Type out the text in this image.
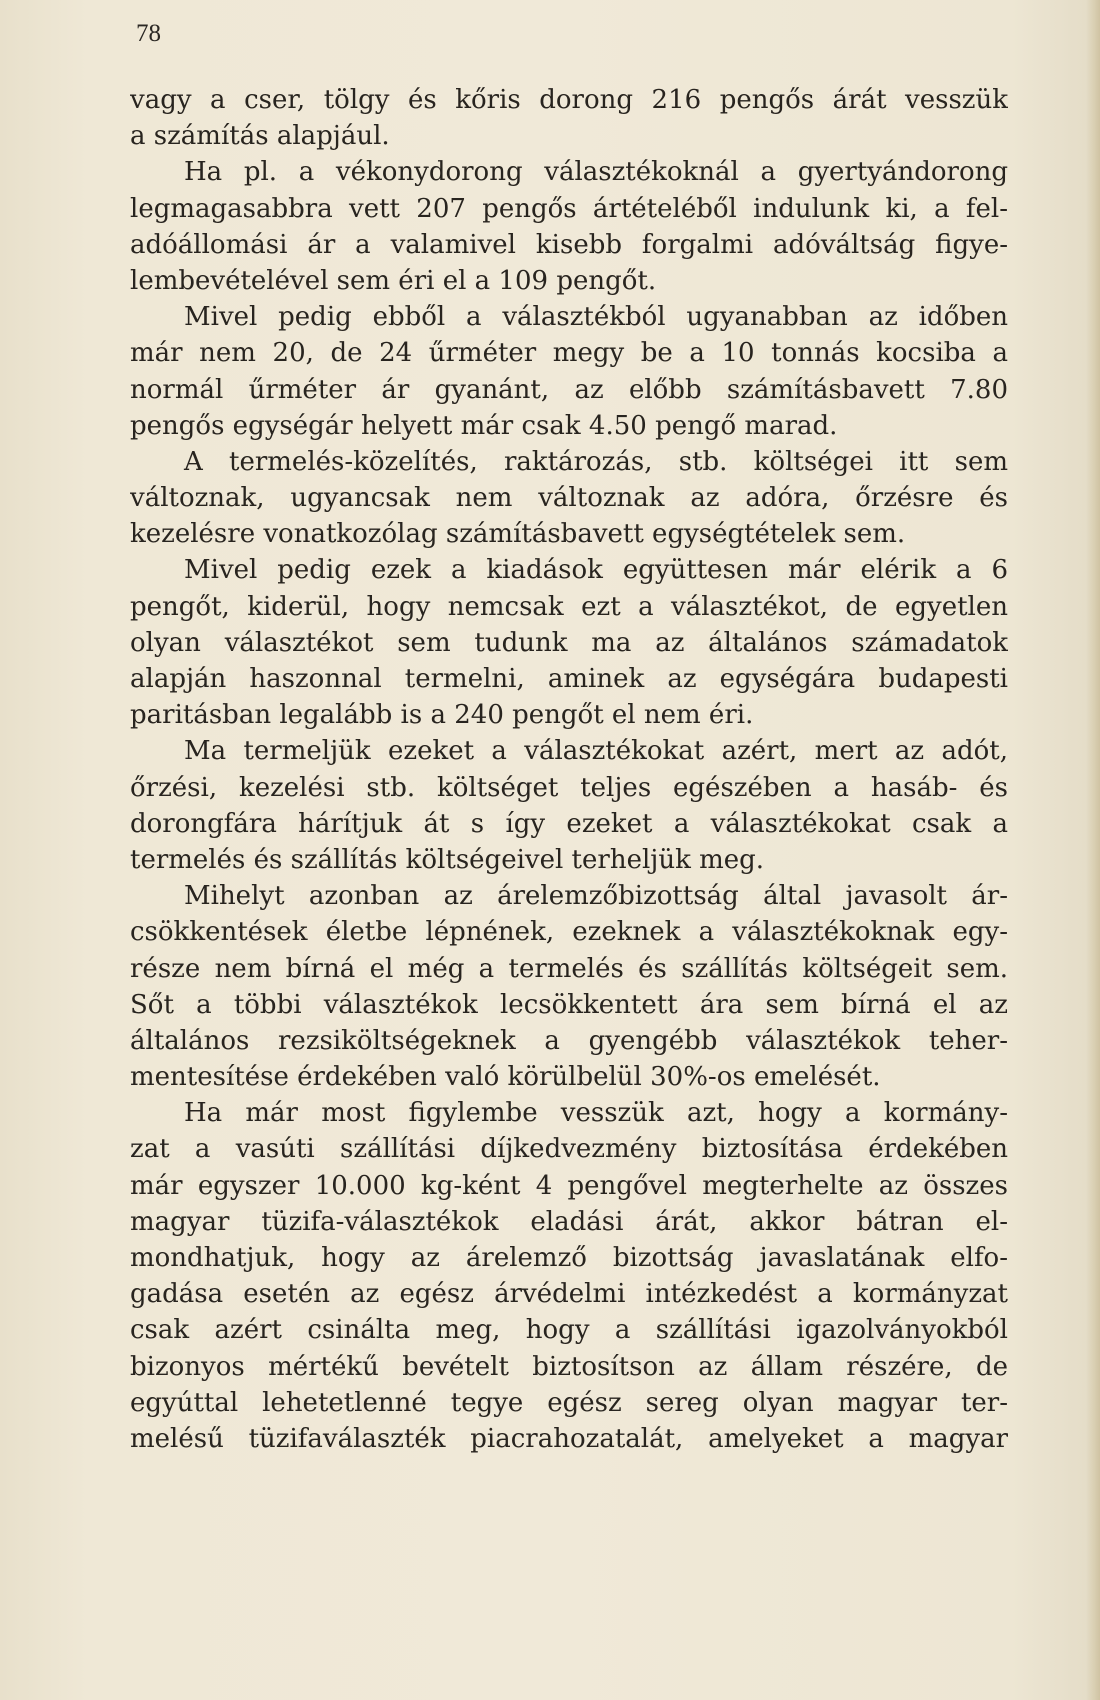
78
vagy a cser, tölgy és kőris dorong 216 pengős árát vesszük
a számítás alapjául.
Ha pl. a vékonydorong választékoknál a gyertyándorong
legmagasabbra vett 207 pengős ártételéből indulunk ki, a fel-
adóállomási ár a valamivel kisebb forgalmi adóváltság figye-
lembevételével sem éri el a 109 pengőt.
Mivel pedig ebből a választékból ugyanabban az időben
már nem 20, de 24 űrméter megy be a 10 tonnás kocsiba a
normál űrméter ár gyanánt, az előbb számításbavett 7.80
pengős egységár helyett már csak 4.50 pengő marad.
A termelés-közelítés, raktározás, stb. költségei itt sem
változnak, ugyancsak nem változnak az adóra, őrzésre és
kezelésre vonatkozólag számításbavett egységtételek sem.
Mivel pedig ezek a kiadások együttesen már elérik a 6
pengőt, kiderül, hogy nemcsak ezt a választékot, de egyetlen
olyan választékot sem tudunk ma az általános számadatok
alapján haszonnal termelni, aminek az egységára budapesti
paritásban legalább is a 240 pengőt el nem éri.
Ma termeljük ezeket a választékokat azért, mert az adót,
őrzési, kezelési stb. költséget teljes egészében a hasáb- és
dorongfára hárítjuk át s így ezeket a választékokat csak a
termelés és szállítás költségeivel terheljük meg.
Mihelyt azonban az árelemzőbizottság által javasolt ár-
csökkentések életbe lépnének, ezeknek a választékoknak egy-
része nem bírná el még a termelés és szállítás költségeit sem.
Sőt a többi választékok lecsökkentett ára sem bírná el az
általános rezsiköltségeknek a gyengébb választékok teher-
mentesítése érdekében való körülbelül 30%-os emelését.
Ha már most figylembe vesszük azt, hogy a kormány-
zat a vasúti szállítási díjkedvezmény biztosítása érdekében
már egyszer 10.000 kg-ként 4 pengővel megterhelte az összes
magyar tüzifa-választékok eladási árát, akkor bátran el-
mondhatjuk, hogy az árelemző bizottság javaslatának elfo-
gadása esetén az egész árvédelmi intézkedést a kormányzat
csak azért csinálta meg, hogy a szállítási igazolványokból
bizonyos mértékű bevételt biztosítson az állam részére, de
egyúttal lehetetlenné tegye egész sereg olyan magyar ter-
melésű tüzifaválaszték piacrahozatalát, amelyeket a magyar
